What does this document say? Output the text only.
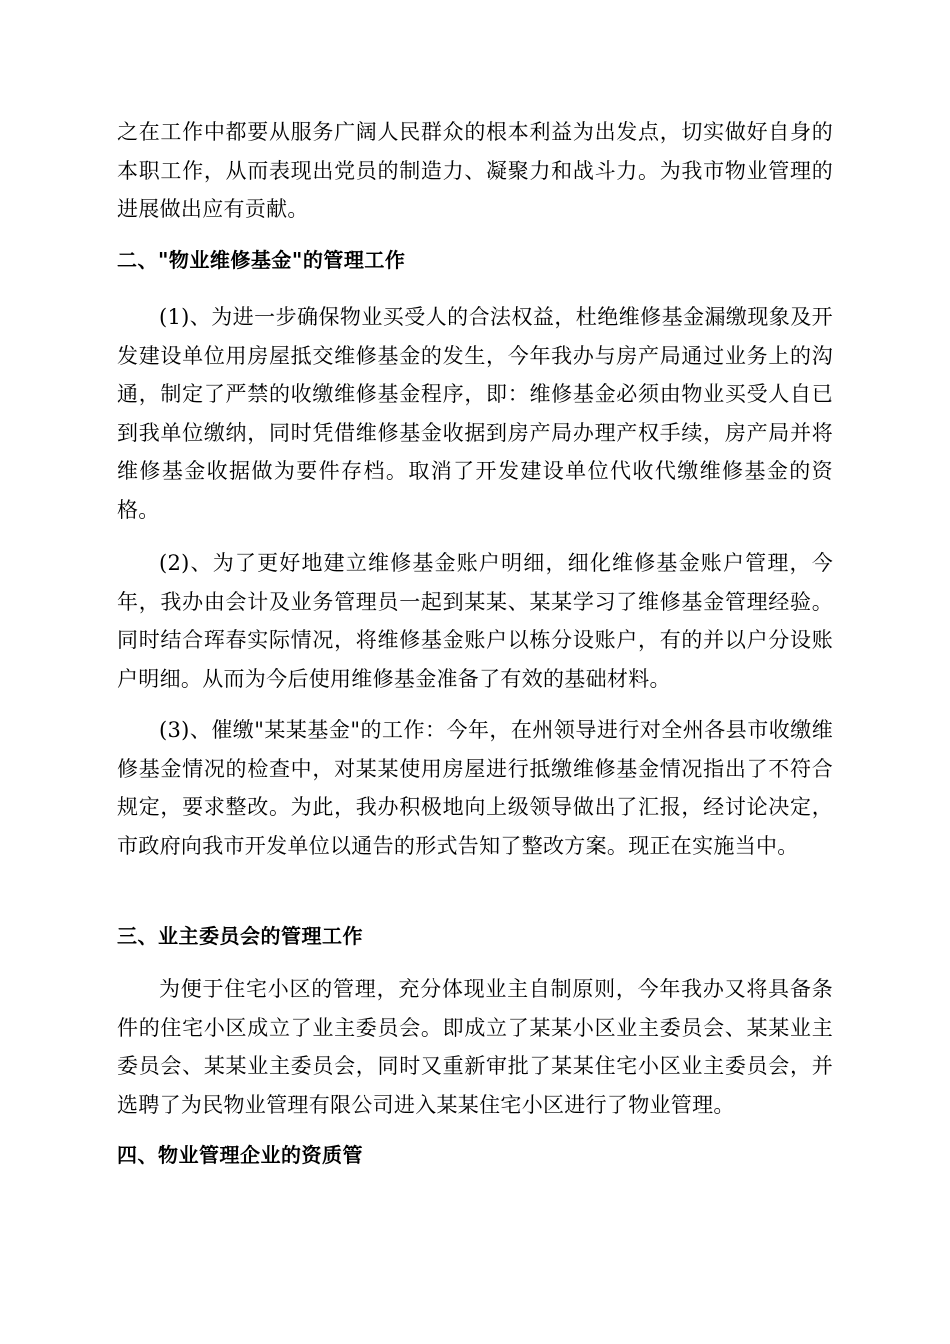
之在工作中都要从服务广阔人民群众的根本利益为出发点，切实做好自身的本职工作，从而表现出党员的制造力、凝聚力和战斗力。为我市物业管理的进展做出应有贡献。
二、"物业维修基金"的管理工作
(1)、为进一步确保物业买受人的合法权益，杜绝维修基金漏缴现象及开发建设单位用房屋抵交维修基金的发生，今年我办与房产局通过业务上的沟通，制定了严禁的收缴维修基金程序，即：维修基金必须由物业买受人自已到我单位缴纳，同时凭借维修基金收据到房产局办理产权手续，房产局并将维修基金收据做为要件存档。取消了开发建设单位代收代缴维修基金的资格。
(2)、为了更好地建立维修基金账户明细，细化维修基金账户管理，今年，我办由会计及业务管理员一起到某某、某某学习了维修基金管理经验。同时结合珲春实际情况，将维修基金账户以栋分设账户，有的并以户分设账户明细。从而为今后使用维修基金准备了有效的基础材料。
(3)、催缴"某某基金"的工作：今年，在州领导进行对全州各县市收缴维修基金情况的检查中，对某某使用房屋进行抵缴维修基金情况指出了不符合规定，要求整改。为此，我办积极地向上级领导做出了汇报，经讨论决定，市政府向我市开发单位以通告的形式告知了整改方案。现正在实施当中。
三、业主委员会的管理工作
为便于住宅小区的管理，充分体现业主自制原则，今年我办又将具备条件的住宅小区成立了业主委员会。即成立了某某小区业主委员会、某某业主委员会、某某业主委员会，同时又重新审批了某某住宅小区业主委员会，并选聘了为民物业管理有限公司进入某某住宅小区进行了物业管理。
四、物业管理企业的资质管
